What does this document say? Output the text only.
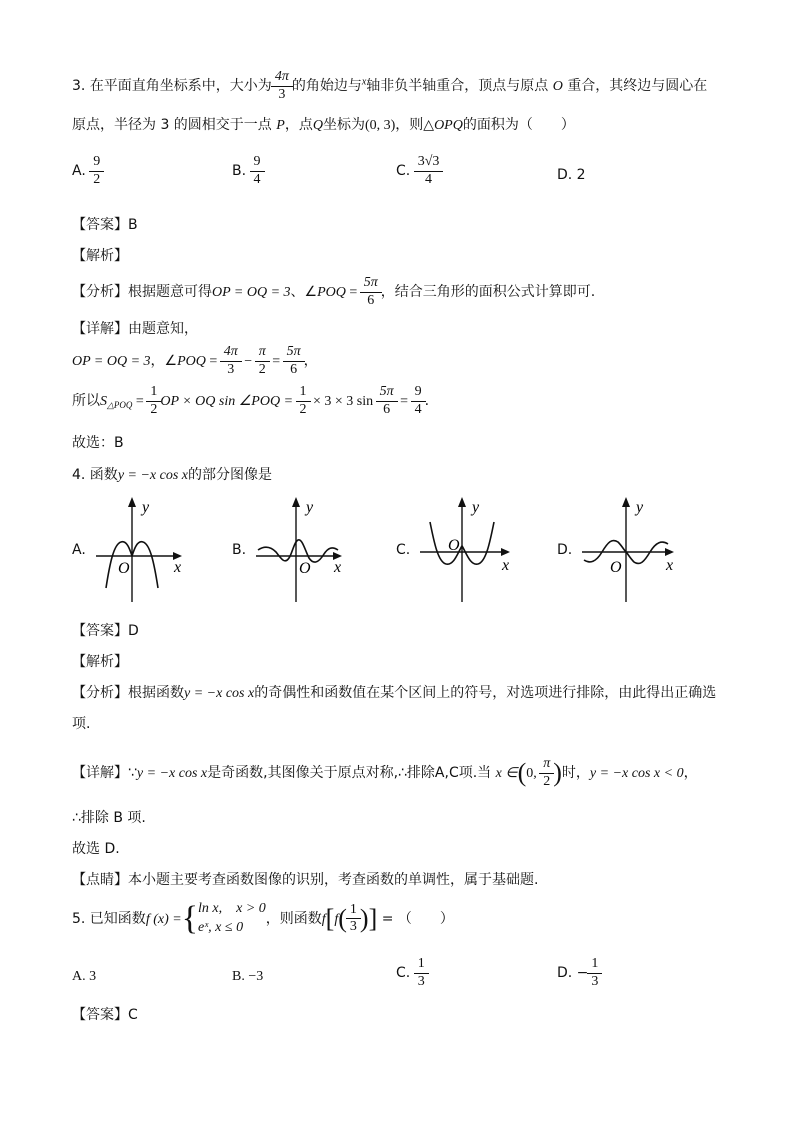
3. 在平面直角坐标系中，大小为 $\frac{4\pi}{3}$ 的角始边与$^x$轴非负半轴重合，顶点与原点 O 重合，其终边与圆心在
原点，半径为 3 的圆相交于一点 P，点Q坐标为(0, 3)，则△OPQ的面积为（　　）
A. $\frac{9}{2}$	B. $\frac{9}{4}$	C. $\frac{3√3}{4}$	D. 2
【答案】B
【解析】
【分析】根据题意可得OP = OQ = 3、∠POQ = $\frac{5\pi}{6}$ ，结合三角形的面积公式计算即可.
【详解】由题意知，
OP = OQ = 3，∠POQ = $\frac{4\pi}{3} - \frac{\pi}{2} = \frac{5\pi}{6}$ ，
所以$S_{\triangle POQ} = \frac{1}{2}$ OP × OQ sin ∠POQ = $\frac{1}{2} \times 3 \times 3$ $\sin \frac{5\pi}{6} = \frac{9}{4}$ .
故选：B
4. 函数y = −x cos x的部分图像是
A.
y
x
O
B.
y
x
O
C.
y
x
O	D.
y
x
O
【答案】D
【解析】
【分析】根据函数y = −x cos x的奇偶性和函数值在某个区间上的符号，对选项进行排除，由此得出正确选
项.
【详解】∵y = −x cos x是奇函数,其图像关于原点对称,∴排除A,C项.当 x ∈(0, $\frac{\pi}{2}$ )时，y = −x cos x < 0，
∴排除 B 项.
故选 D.
【点睛】本小题主要考查函数图像的识别，考查函数的单调性，属于基础题.
5. 已知函数f (x) ={ ln x,　x > 0
eˣ, x ≤ 0
，则函数$f[f( \frac{1}{3}$ )] = （　　）
A. 3	B. −3	C. $\frac{1}{3}$	D. − $\frac{1}{3}$
【答案】C
